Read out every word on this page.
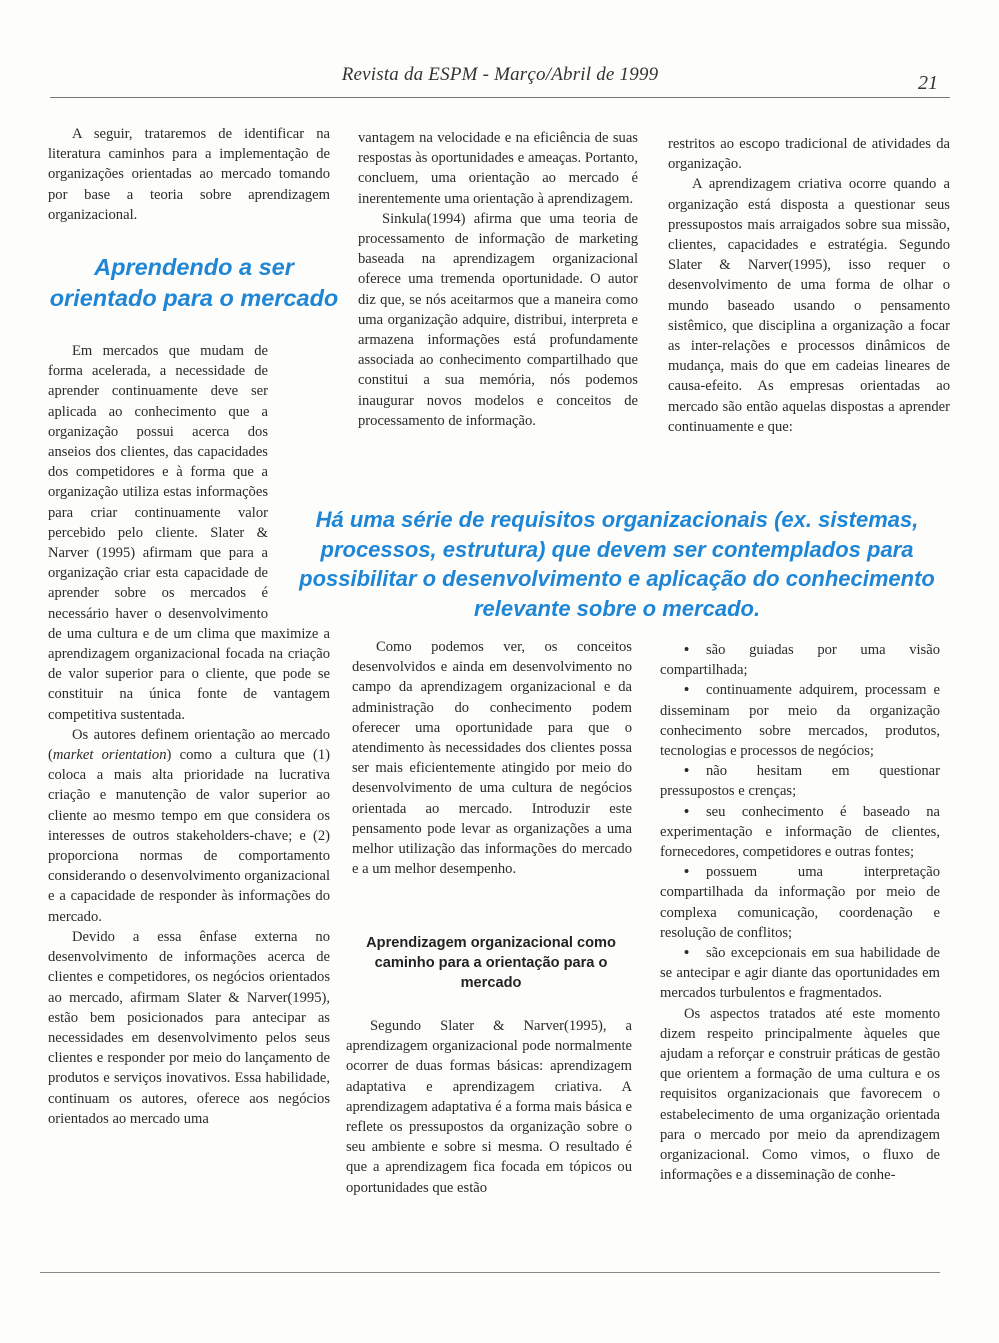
Revista da ESPM - Março/Abril de 1999	21

A seguir, trataremos de identificar na literatura caminhos para a implementação de organizações orientadas ao mercado tomando por base a teoria sobre aprendizagem organizacional.

Aprendendo a ser orientado para o mercado

Em mercados que mudam de forma acelerada, a necessidade de aprender continuamente deve ser aplicada ao conhecimento que a organização possui acerca dos anseios dos clientes, das capacidades dos competidores e à forma que a organização utiliza estas informações para criar continuamente valor percebido pelo cliente. Slater & Narver (1995) afirmam que para a organização criar esta capacidade de aprender sobre os mercados é necessário haver o desenvolvimento de uma cultura e de um clima que maximize a aprendizagem organizacional focada na criação de valor superior para o cliente, que pode se constituir na única fonte de vantagem competitiva sustentada.

Os autores definem orientação ao mercado (market orientation) como a cultura que (1) coloca a mais alta prioridade na lucrativa criação e manutenção de valor superior ao cliente ao mesmo tempo em que considera os interesses de outros stakeholders-chave; e (2) proporciona normas de comportamento considerando o desenvolvimento organizacional e a capacidade de responder às informações do mercado.

Devido a essa ênfase externa no desenvolvimento de informações acerca de clientes e competidores, os negócios orientados ao mercado, afirmam Slater & Narver(1995), estão bem posicionados para antecipar as necessidades em desenvolvimento pelos seus clientes e responder por meio do lançamento de produtos e serviços inovativos. Essa habilidade, continuam os autores, oferece aos negócios orientados ao mercado uma

vantagem na velocidade e na eficiência de suas respostas às oportunidades e ameaças. Portanto, concluem, uma orientação ao mercado é inerentemente uma orientação à aprendizagem.

Sinkula(1994) afirma que uma teoria de processamento de informação de marketing baseada na aprendizagem organizacional oferece uma tremenda oportunidade. O autor diz que, se nós aceitarmos que a maneira como uma organização adquire, distribui, interpreta e armazena informações está profundamente associada ao conhecimento compartilhado que constitui a sua memória, nós podemos inaugurar novos modelos e conceitos de processamento de informação.

restritos ao escopo tradicional de atividades da organização.

A aprendizagem criativa ocorre quando a organização está disposta a questionar seus pressupostos mais arraigados sobre sua missão, clientes, capacidades e estratégia. Segundo Slater & Narver(1995), isso requer o desenvolvimento de uma forma de olhar o mundo baseado usando o pensamento sistêmico, que disciplina a organização a focar as inter-relações e processos dinâmicos de mudança, mais do que em cadeias lineares de causa-efeito. As empresas orientadas ao mercado são então aquelas dispostas a aprender continuamente e que:

Há uma série de requisitos organizacionais (ex. sistemas, processos, estrutura) que devem ser contemplados para possibilitar o desenvolvimento e aplicação do conhecimento relevante sobre o mercado.

Como podemos ver, os conceitos desenvolvidos e ainda em desenvolvimento no campo da aprendizagem organizacional e da administração do conhecimento podem oferecer uma oportunidade para que o atendimento às necessidades dos clientes possa ser mais eficientemente atingido por meio do desenvolvimento de uma cultura de negócios orientada ao mercado. Introduzir este pensamento pode levar as organizações a uma melhor utilização das informações do mercado e a um melhor desempenho.

Aprendizagem organizacional como caminho para a orientação para o mercado

Segundo Slater & Narver(1995), a aprendizagem organizacional pode normalmente ocorrer de duas formas básicas: aprendizagem adaptativa e aprendizagem criativa. A aprendizagem adaptativa é a forma mais básica e reflete os pressupostos da organização sobre o seu ambiente e sobre si mesma. O resultado é que a aprendizagem fica focada em tópicos ou oportunidades que estão

• são guiadas por uma visão compartilhada;
• continuamente adquirem, processam e disseminam por meio da organização conhecimento sobre mercados, produtos, tecnologias e processos de negócios;
• não hesitam em questionar pressupostos e crenças;
• seu conhecimento é baseado na experimentação e informação de clientes, fornecedores, competidores e outras fontes;
• possuem uma interpretação compartilhada da informação por meio de complexa comunicação, coordenação e resolução de conflitos;
• são excepcionais em sua habilidade de se antecipar e agir diante das oportunidades em mercados turbulentos e fragmentados.

Os aspectos tratados até este momento dizem respeito principalmente àqueles que ajudam a reforçar e construir práticas de gestão que orientem a formação de uma cultura e os requisitos organizacionais que favorecem o estabelecimento de uma organização orientada para o mercado por meio da aprendizagem organizacional. Como vimos, o fluxo de informações e a disseminação de conhe-
